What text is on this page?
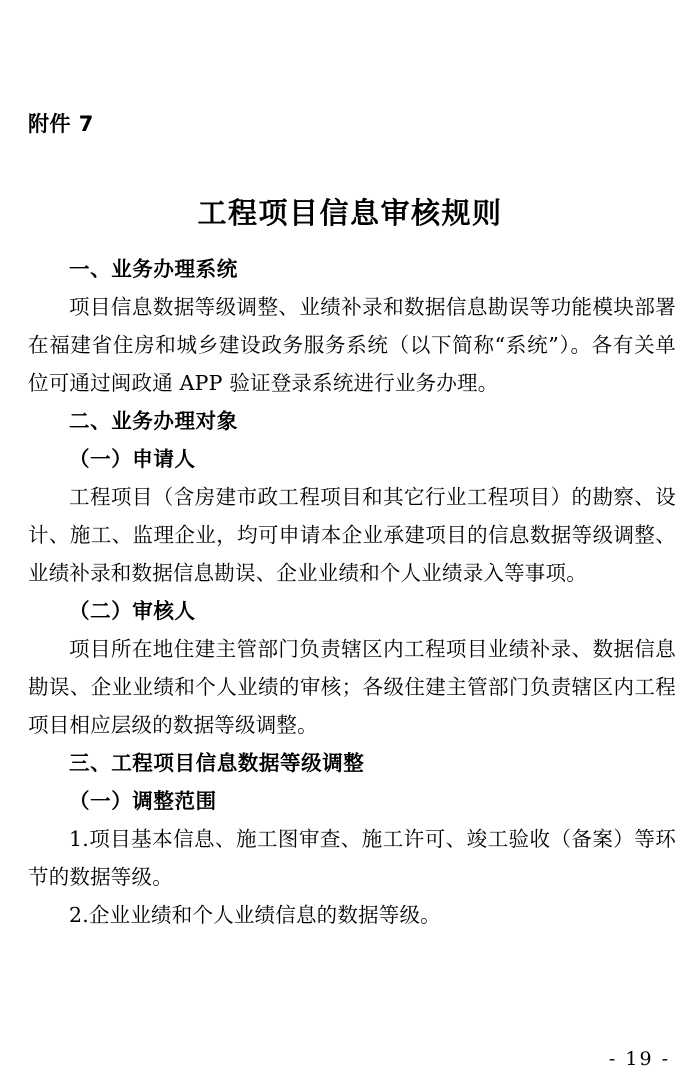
附件 7
工程项目信息审核规则

一、业务办理系统

项目信息数据等级调整、业绩补录和数据信息勘误等功能模块部署在福建省住房和城乡建设政务服务系统（以下简称“系统”）。各有关单位可通过闽政通 APP 验证登录系统进行业务办理。

二、业务办理对象

（一）申请人

工程项目（含房建市政工程项目和其它行业工程项目）的勘察、设计、施工、监理企业，均可申请本企业承建项目的信息数据等级调整、业绩补录和数据信息勘误、企业业绩和个人业绩录入等事项。

（二）审核人

项目所在地住建主管部门负责辖区内工程项目业绩补录、数据信息勘误、企业业绩和个人业绩的审核；各级住建主管部门负责辖区内工程项目相应层级的数据等级调整。

三、工程项目信息数据等级调整

（一）调整范围

1.项目基本信息、施工图审查、施工许可、竣工验收（备案）等环节的数据等级。

2.企业业绩和个人业绩信息的数据等级。

- 19 -
